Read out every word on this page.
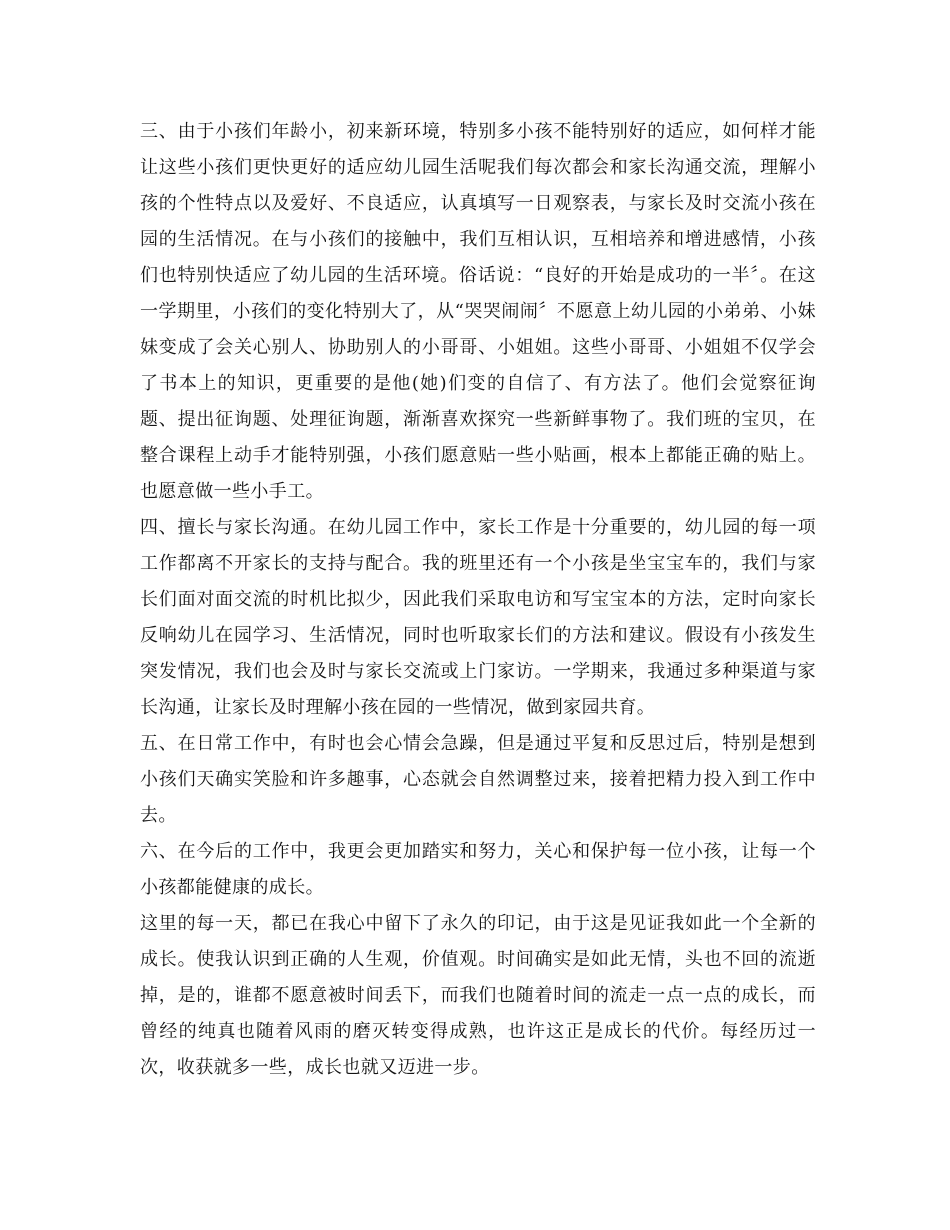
三、由于小孩们年龄小，初来新环境，特别多小孩不能特别好的适应，如何样才能让这些小孩们更快更好的适应幼儿园生活呢我们每次都会和家长沟通交流，理解小孩的个性特点以及爱好、不良适应，认真填写一日观察表，与家长及时交流小孩在园的生活情况。在与小孩们的接触中，我们互相认识，互相培养和增进感情，小孩们也特别快适应了幼儿园的生活环境。俗话说：“良好的开始是成功的一半〞。在这一学期里，小孩们的变化特别大了，从“哭哭闹闹〞不愿意上幼儿园的小弟弟、小妹妹变成了会关心别人、协助别人的小哥哥、小姐姐。这些小哥哥、小姐姐不仅学会了书本上的知识，更重要的是他(她)们变的自信了、有方法了。他们会觉察征询题、提出征询题、处理征询题，渐渐喜欢探究一些新鲜事物了。我们班的宝贝，在整合课程上动手才能特别强，小孩们愿意贴一些小贴画，根本上都能正确的贴上。也愿意做一些小手工。

四、擅长与家长沟通。在幼儿园工作中，家长工作是十分重要的，幼儿园的每一项工作都离不开家长的支持与配合。我的班里还有一个小孩是坐宝宝车的，我们与家长们面对面交流的时机比拟少，因此我们采取电访和写宝宝本的方法，定时向家长反响幼儿在园学习、生活情况，同时也听取家长们的方法和建议。假设有小孩发生突发情况，我们也会及时与家长交流或上门家访。一学期来，我通过多种渠道与家长沟通，让家长及时理解小孩在园的一些情况，做到家园共育。

五、在日常工作中，有时也会心情会急躁，但是通过平复和反思过后，特别是想到小孩们天确实笑脸和许多趣事，心态就会自然调整过来，接着把精力投入到工作中去。

六、在今后的工作中，我更会更加踏实和努力，关心和保护每一位小孩，让每一个小孩都能健康的成长。

这里的每一天，都已在我心中留下了永久的印记，由于这是见证我如此一个全新的成长。使我认识到正确的人生观，价值观。时间确实是如此无情，头也不回的流逝掉，是的，谁都不愿意被时间丢下，而我们也随着时间的流走一点一点的成长，而曾经的纯真也随着风雨的磨灭转变得成熟，也许这正是成长的代价。每经历过一次，收获就多一些，成长也就又迈进一步。
